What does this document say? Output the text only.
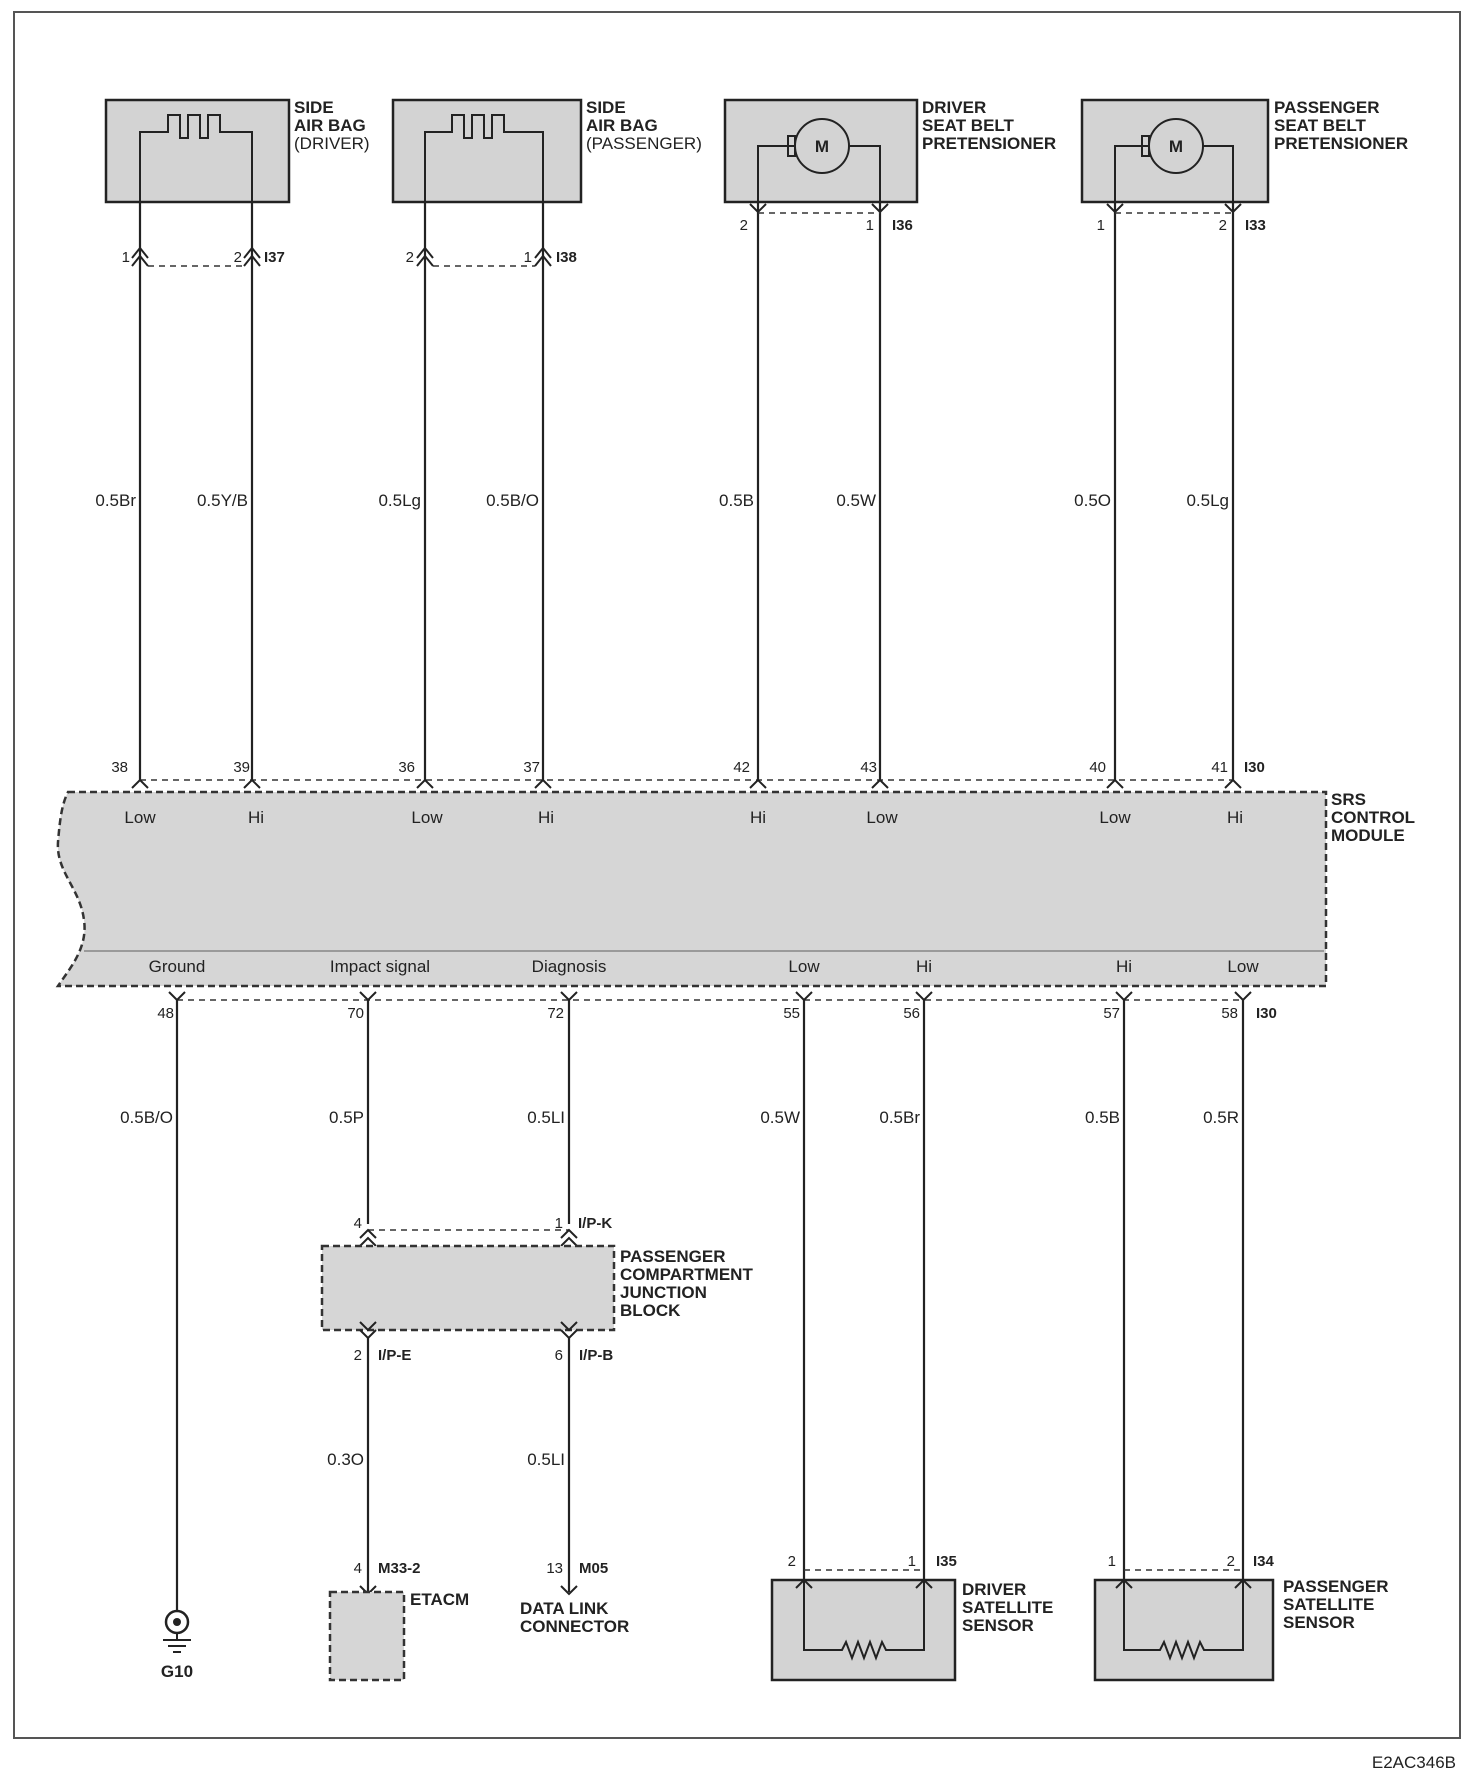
E2AC346B
SIDE
AIR BAG
(DRIVER)
SIDE
AIR BAG
(PASSENGER)	M
DRIVER
SEAT BELT
PRETENSIONER	M
PASSENGER
SEAT BELT
PRETENSIONER
1	2 I37	2	1 I38
2	1 I36	1	2 I33
0.5Br	0.5Y/B	0.5Lg	0.5B/O	0.5B	0.5W	0.5O	0.5Lg
SRS
CONTROL
MODULE
38	39	36	37	42	43	40	41 I30
Low	Hi	Low	Hi	Hi	Low	Low	Hi
Ground	Impact signal	Diagnosis	Low	Hi	Hi	Low
48	70	72	55	56	57	58 I30
0.5B/O	0.5P	0.5LI	0.5W	0.5Br	0.5B	0.5R
0.3O	0.5LI
4	1 I/P-K
2 I/P-E	6 I/P-B
PASSENGER
COMPARTMENT
JUNCTION
BLOCK
G10
4 M33-2
ETACM
13 M05
DATA LINK
CONNECTOR
2	1 I35
DRIVER
SATELLITE
SENSOR
1	2 I34
PASSENGER
SATELLITE
SENSOR
